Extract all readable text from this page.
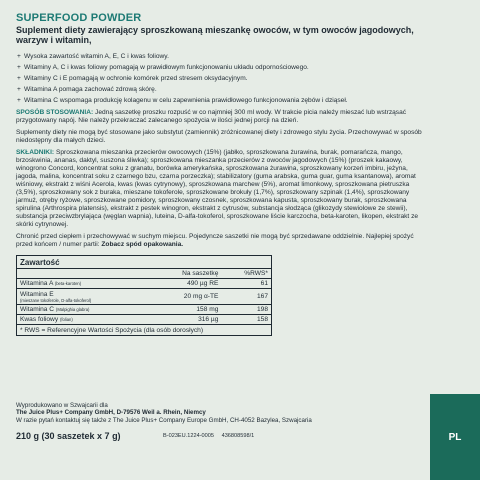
SUPERFOOD POWDER
Suplement diety zawierający sproszkowaną mieszankę owoców, w tym owoców jagodowych, warzyw i witamin,
+ Wysoka zawartość witamin A, E, C i kwas foliowy.
+ Witaminy A, C i kwas foliowy pomagają w prawidłowym funkcjonowaniu układu odpornościowego.
+ Witaminy C i E pomagają w ochronie komórek przed stresem oksydacyjnym.
+ Witamina A pomaga zachować zdrową skórę.
+ Witamina C wspomaga produkcję kolagenu w celu zapewnienia prawidłowego funkcjonowania zębów i dziąseł.

SPOSÓB STOSOWANIA: Jedną saszetkę proszku rozpuść w co najmniej 300 ml wody. W trakcie picia należy mieszać lub wstrząsać przygotowany napój. Nie należy przekraczać zalecanego spożycia w ilości jednej porcji na dzień.

Suplementy diety nie mogą być stosowane jako substytut (zamiennik) zróżnicowanej diety i zdrowego stylu życia. Przechowywać w sposób niedostępny dla małych dzieci.

SKŁADNIKI: Sproszkowana mieszanka przecierów owocowych (15%) (jabłko, sproszkowana żurawina, burak, pomarańcza, mango, brzoskwinia, ananas, daktyl, suszona śliwka); sproszkowana mieszanka przecierów z owoców jagodowych (15%) (proszek kakaowy, winogrono Concord, koncentrat soku z granatu, borówka amerykańska, sproszkowana żurawina, sproszkowany korzeń imbiru, jeżyna, jagoda, malina, koncentrat soku z czarnego bzu, czarna porzeczka); stabilizatory (guma arabska, guma guar, guma ksantanowa), aromat wiśniowy, ekstrakt z wiśni Acerola, kwas (kwas cytrynowy), sproszkowana marchew (5%), aromat limonkowy, sproszkowana pietruszka (3,5%), sproszkowany sok z buraka, mieszane tokoferole, sproszkowane brokuły (1,7%), sproszkowany szpinak (1,4%), sproszkowany jarmuż, otręby ryżowe, sproszkowane pomidory, sproszkowany czosnek, sproszkowana kapusta, sproszkowany burak, sproszkowana spirulina (Arthrospira platensis), ekstrakt z pestek winogron, ekstrakt z cytrusów, substancja słodząca (glikozydy stewiolowe ze stewii), substancja przeciwzbrylająca (węglan wapnia), luteina, D-alfa-tokoferol, sproszkowane liście karczocha, beta-karoten, likopen, ekstrakt ze skórki cytrynowej.

Chronić przed ciepłem i przechowywać w suchym miejscu. Pojedyncze saszetki nie mogą być sprzedawane oddzielnie. Najlepiej spożyć przed końcem / numer partii: Zobacz spód opakowania.

Zawartość
Na saszetkę	%RWS*
Witamina A (beta-karoten)	490 µg RE	61
Witamina E
(mieszane tokoferole, D-alfa-tokoferol)	20 mg α-TE	167
Witamina C (Malpighia glabra)	158 mg	198
Kwas foliowy (folian)	316 µg	158
* RWS = Referencyjne Wartości Spożycia (dla osób dorosłych)
Wyprodukowano w Szwajcarii dla
The Juice Plus+ Company GmbH, D-79576 Weil a. Rhein, Niemcy
W razie pytań kontaktuj się także z The Juice Plus+ Company Europe GmbH, CH-4052 Bazylea, Szwajcaria
210 g (30 saszetek x 7 g)	B-023EU.1224-0005 436808598/1	PL
